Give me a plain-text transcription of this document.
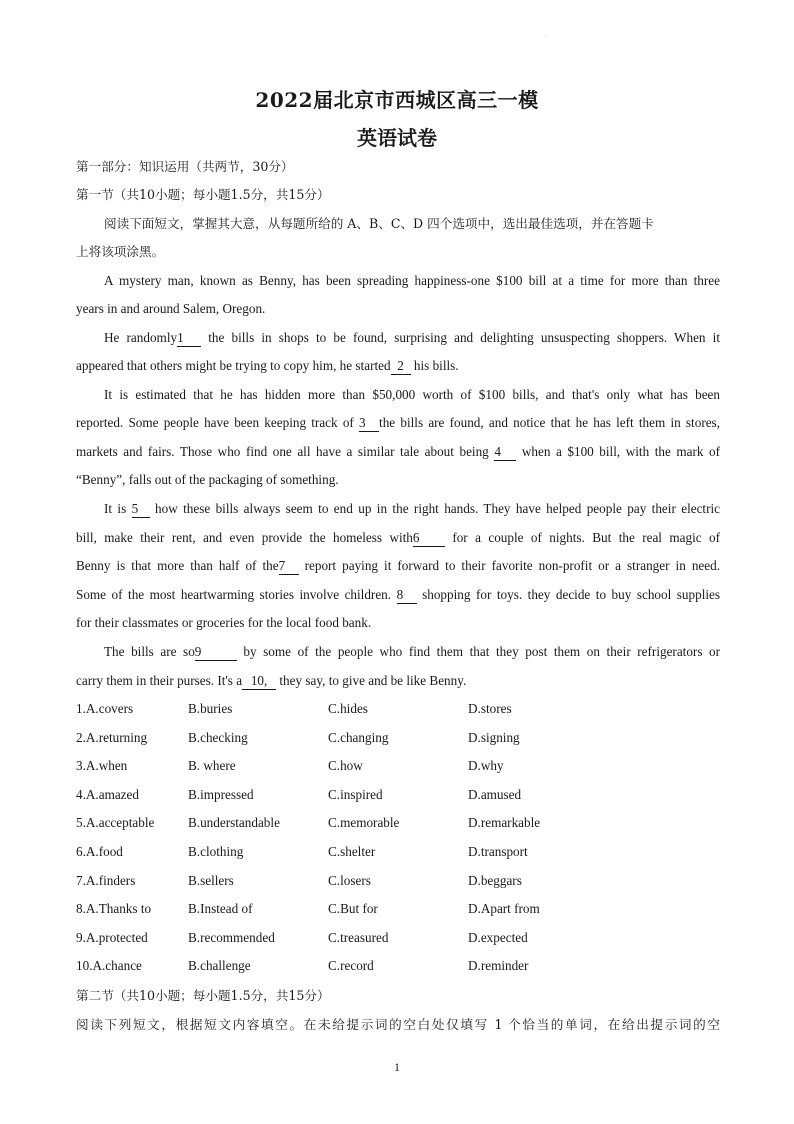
ˋ
2022届北京市西城区高三一模
英语试卷
第一部分：知识运用（共两节，30分）
第一节（共10小题；每小题1.5分，共15分）
阅读下面短文，掌握其大意，从每题所给的 A、B、C、D 四个选项中，选出最佳选项，并在答题卡
上将该项涂黑。
A mystery man, known as Benny, has been spreading happiness-one $100 bill at a time for more than three
years in and around Salem, Oregon.
He randomly1 the bills in shops to be found, surprising and delighting unsuspecting shoppers. When it
appeared that others might be trying to copy him, he started 2 his bills.
It is estimated that he has hidden more than $50,000 worth of $100 bills, and that's only what has been
reported. Some people have been keeping track of 3 the bills are found, and notice that he has left them in stores,
markets and fairs. Those who find one all have a similar tale about being 4 when a $100 bill, with the mark of
“Benny”, falls out of the packaging of something.
It is 5 how these bills always seem to end up in the right hands. They have helped people pay their electric
bill, make their rent, and even provide the homeless with6 for a couple of nights. But the real magic of
Benny is that more than half of the7 report paying it forward to their favorite non-profit or a stranger in need.
Some of the most heartwarming stories involve children. 8 shopping for toys. they decide to buy school supplies
for their classmates or groceries for the local food bank.
The bills are so9	by some of the people who find them that they post them on their refrigerators or
carry them in their purses. It's a 10, they say, to give and be like Benny.
1.A.covers	B.buries	C.hides	D.stores
2.A.returning	B.checking	C.changing	D.signing
3.A.when	B. where	C.how	D.why
4.A.amazed	B.impressed	C.inspired	D.amused
5.A.acceptable	B.understandable	C.memorable	D.remarkable
6.A.food	B.clothing	C.shelter	D.transport
7.A.finders	B.sellers	C.losers	D.beggars
8.A.Thanks to	B.Instead of	C.But for	D.Apart from
9.A.protected	B.recommended	C.treasured	D.expected
10.A.chance	B.challenge	C.record	D.reminder
第二节（共10小题；每小题1.5分，共15分）
阅读下列短文，根据短文内容填空。在未给提示词的空白处仅填写 1 个恰当的单词，在给出提示词的空
1
